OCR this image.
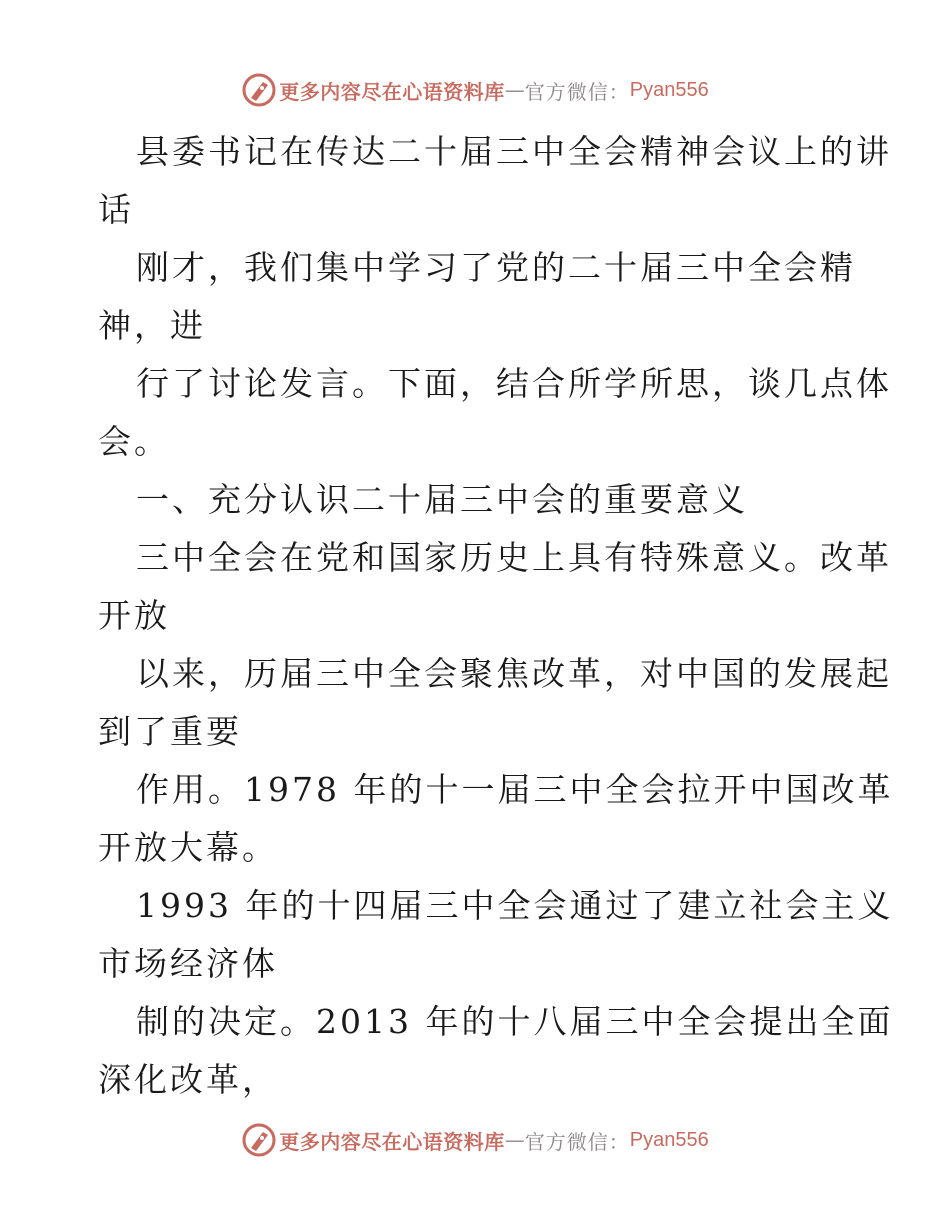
更多内容尽在心语资料库 — 官方微信： Pyan556
县委书记在传达二十届三中全会精神会议上的讲
话
刚才，我们集中学习了党的二十届三中全会精
神，进
行了讨论发言。下面，结合所学所思，谈几点体
会。
一、充分认识二十届三中会的重要意义
三中全会在党和国家历史上具有特殊意义。改革
开放
以来，历届三中全会聚焦改革，对中国的发展起
到了重要
作用。1978 年的十一届三中全会拉开中国改革
开放大幕。
1993 年的十四届三中全会通过了建立社会主义
市场经济体
制的决定。2013 年的十八届三中全会提出全面
深化改革，
更多内容尽在心语资料库 — 官方微信： Pyan556
